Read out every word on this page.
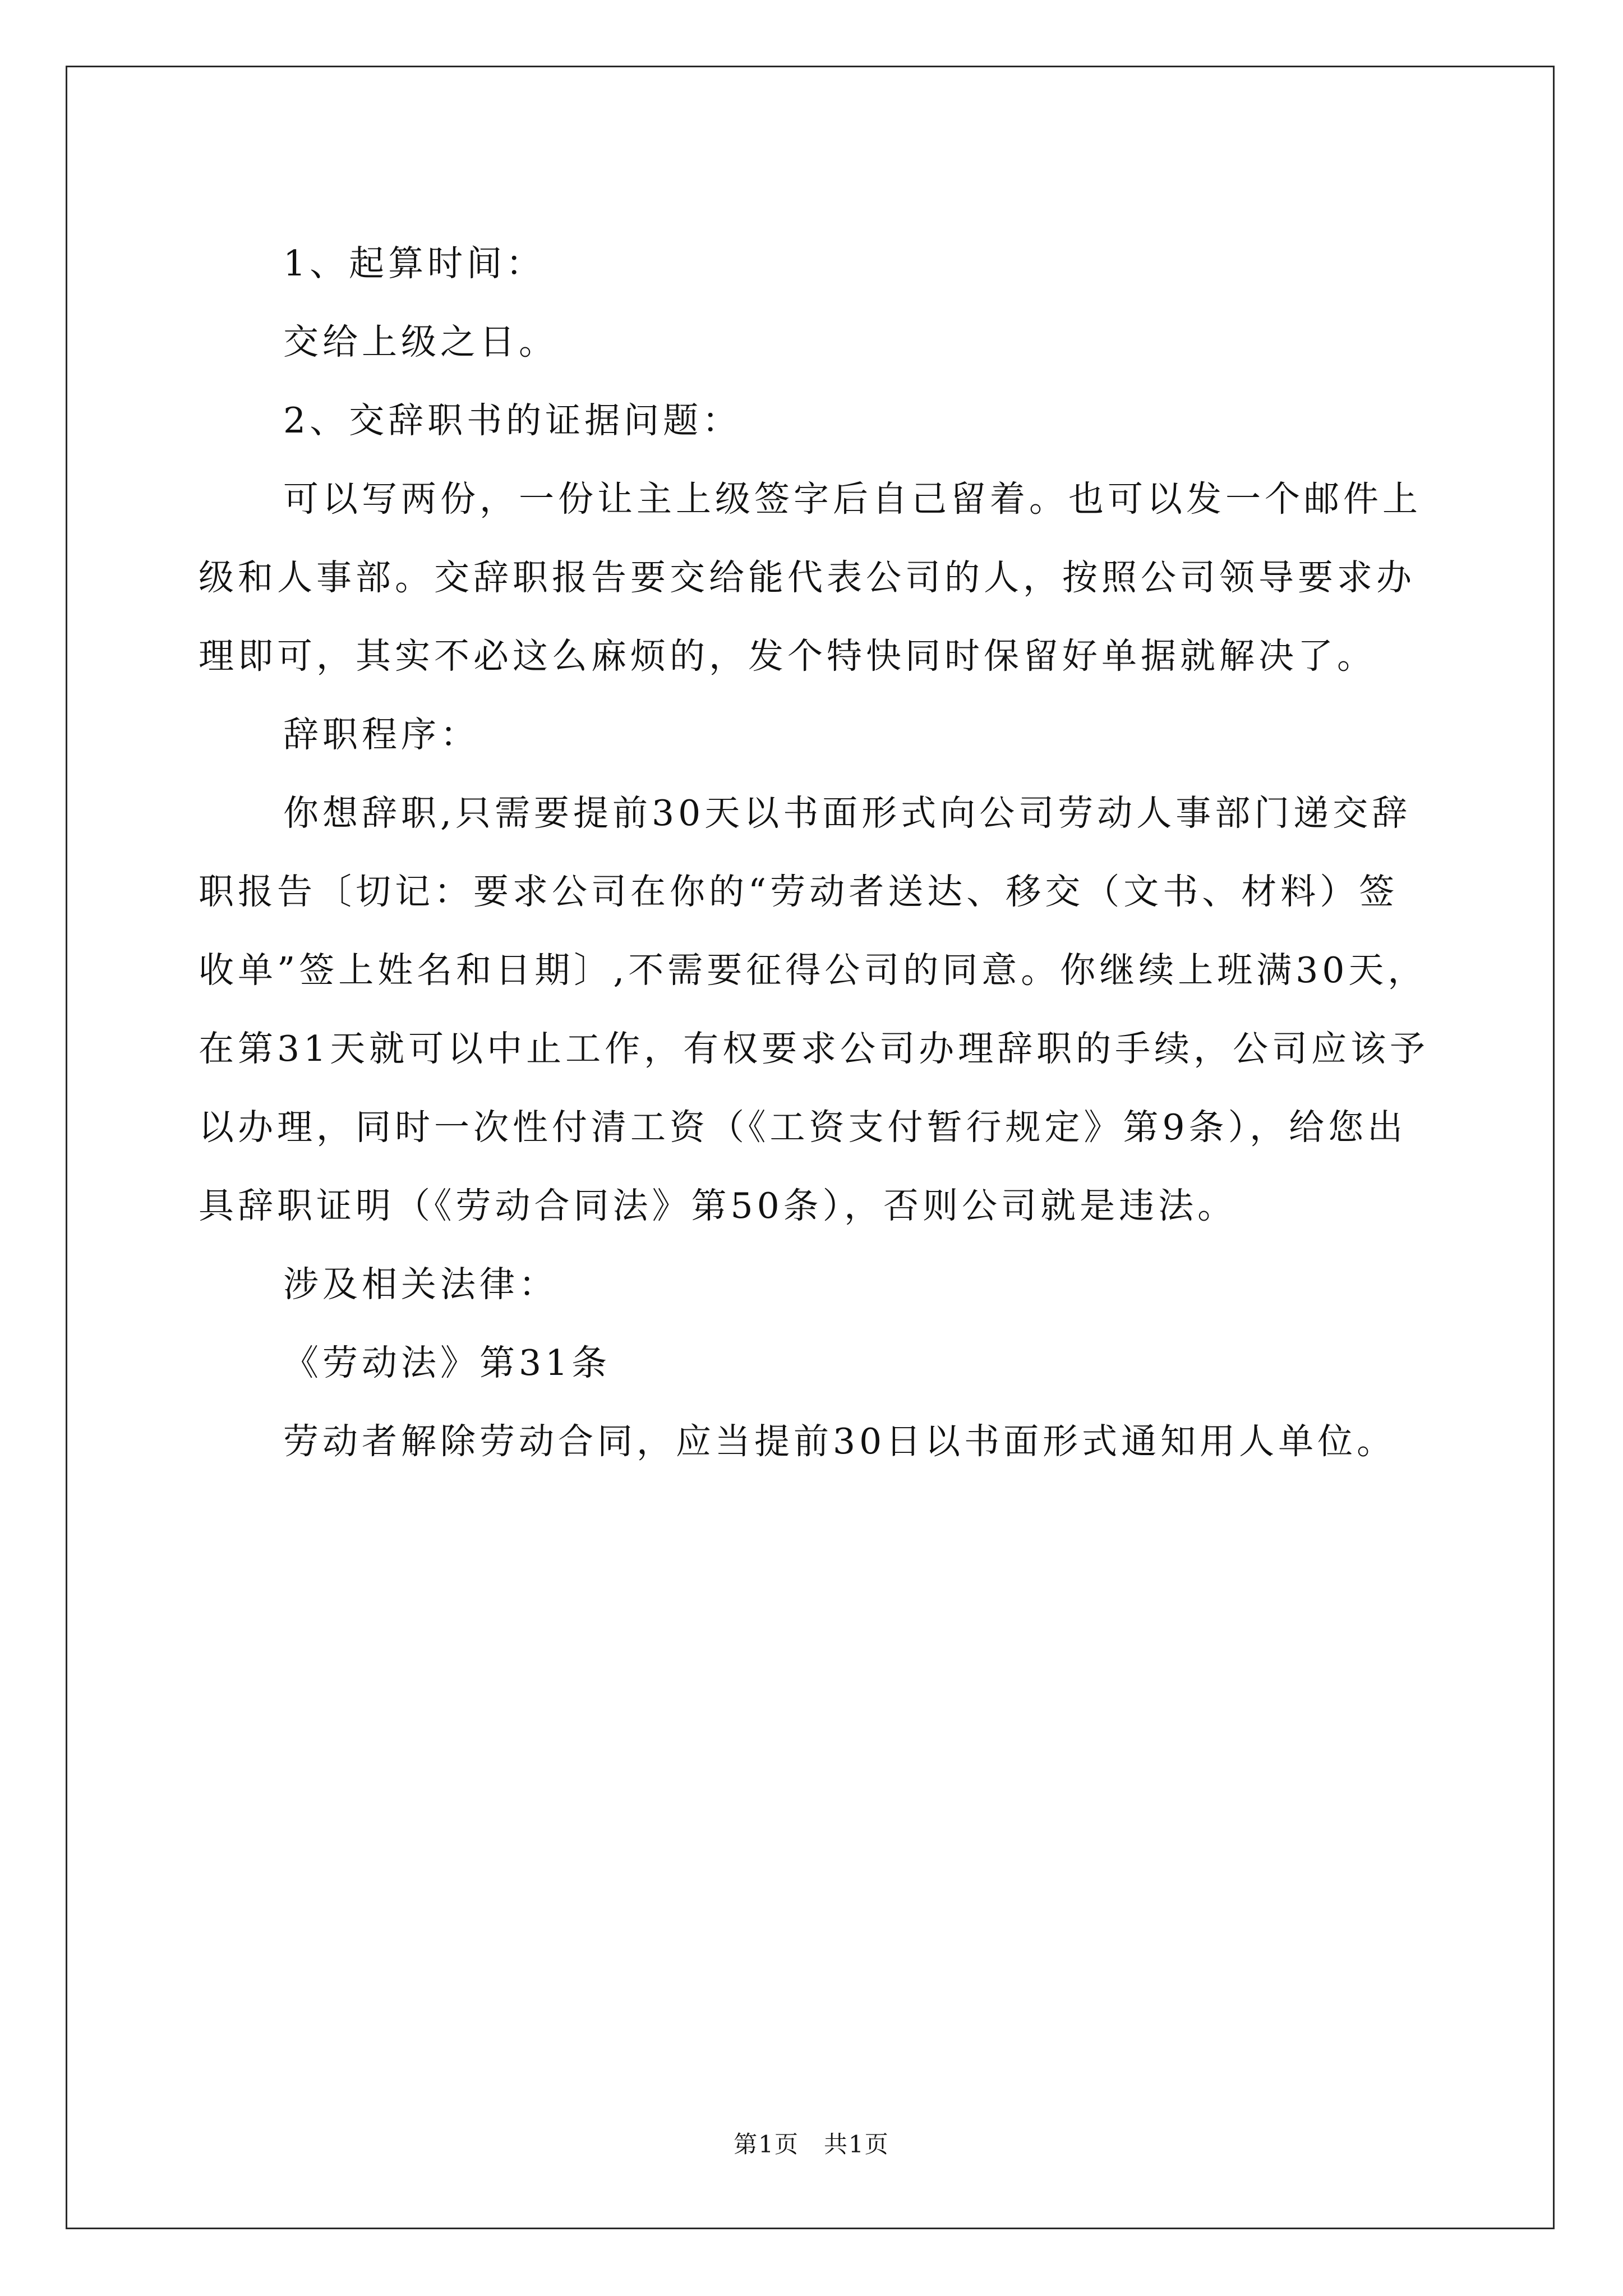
1、起算时间：

交给上级之日。

2、交辞职书的证据问题：

可以写两份，一份让主上级签字后自己留着。也可以发一个邮件上级和人事部。交辞职报告要交给能代表公司的人，按照公司领导要求办理即可，其实不必这么麻烦的，发个特快同时保留好单据就解决了。

辞职程序：

你想辞职,只需要提前30天以书面形式向公司劳动人事部门递交辞职报告〔切记：要求公司在你的“劳动者送达、移交（文书、材料）签收单”签上姓名和日期〕,不需要征得公司的同意。你继续上班满30天，在第31天就可以中止工作，有权要求公司办理辞职的手续，公司应该予以办理，同时一次性付清工资（《工资支付暂行规定》第9条），给您出具辞职证明（《劳动合同法》第50条），否则公司就是违法。

涉及相关法律：

《劳动法》第31条

劳动者解除劳动合同，应当提前30日以书面形式通知用人单位。

第1页　共1页
